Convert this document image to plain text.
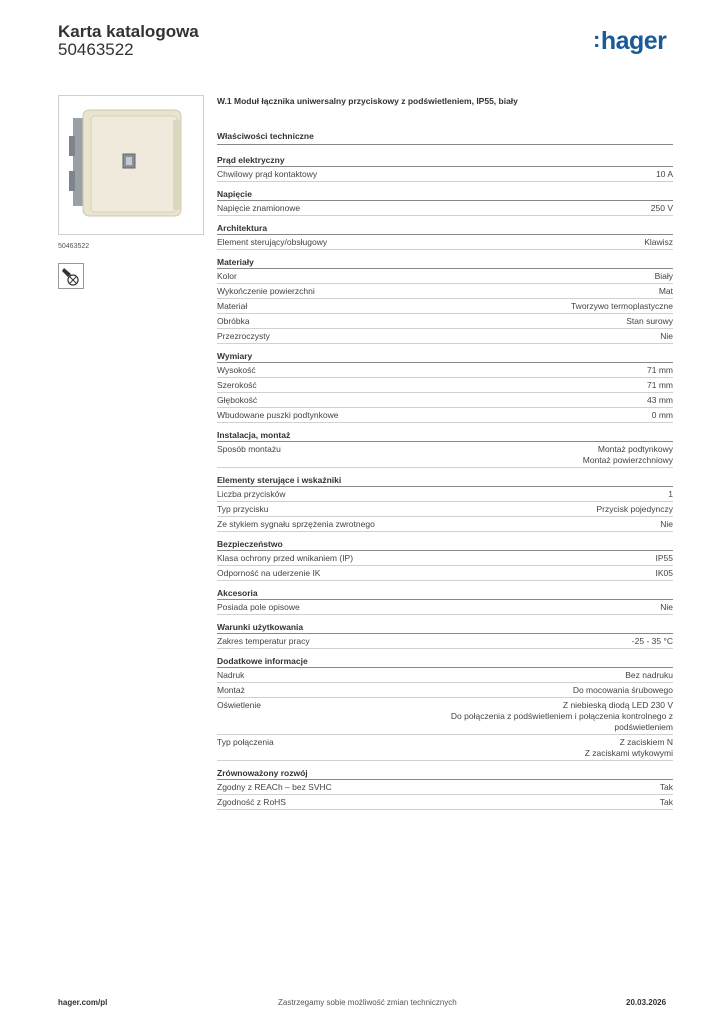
Karta katalogowa
50463522	:hager
50463522
W.1 Moduł łącznika uniwersalny przyciskowy z podświetleniem, IP55, biały
Właściwości techniczne
Prąd elektryczny
Chwilowy prąd kontaktowy	10 A
Napięcie
Napięcie znamionowe	250 V
Architektura
Element sterujący/obsługowy	Klawisz
Materiały
Kolor	Biały
Wykończenie powierzchni	Mat
Materiał	Tworzywo termoplastyczne
Obróbka	Stan surowy
Przezroczysty	Nie
Wymiary
Wysokość	71 mm
Szerokość	71 mm
Głębokość	43 mm
Wbudowane puszki podtynkowe	0 mm
Instalacja, montaż
Sposób montażu	Montaż podtynkowy
Montaż powierzchniowy
Elementy sterujące i wskaźniki
Liczba przycisków	1
Typ przycisku	Przycisk pojedynczy
Ze stykiem sygnału sprzężenia zwrotnego	Nie
Bezpieczeństwo
Klasa ochrony przed wnikaniem (IP)	IP55
Odporność na uderzenie IK	IK05
Akcesoria
Posiada pole opisowe	Nie
Warunki użytkowania
Zakres temperatur pracy	-25 - 35 °C
Dodatkowe informacje
Nadruk	Bez nadruku
Montaż	Do mocowania śrubowego
Oświetlenie	Z niebieską diodą LED 230 V
Do połączenia z podświetleniem i połączenia kontrolnego z
podświetleniem
Typ połączenia	Z zaciskiem N
Z zaciskami wtykowymi
Zrównoważony rozwój
Zgodny z REACh – bez SVHC	Tak
Zgodność z RoHS	Tak
hager.com/pl	Zastrzegamy sobie możliwość zmian technicznych	20.03.2026
